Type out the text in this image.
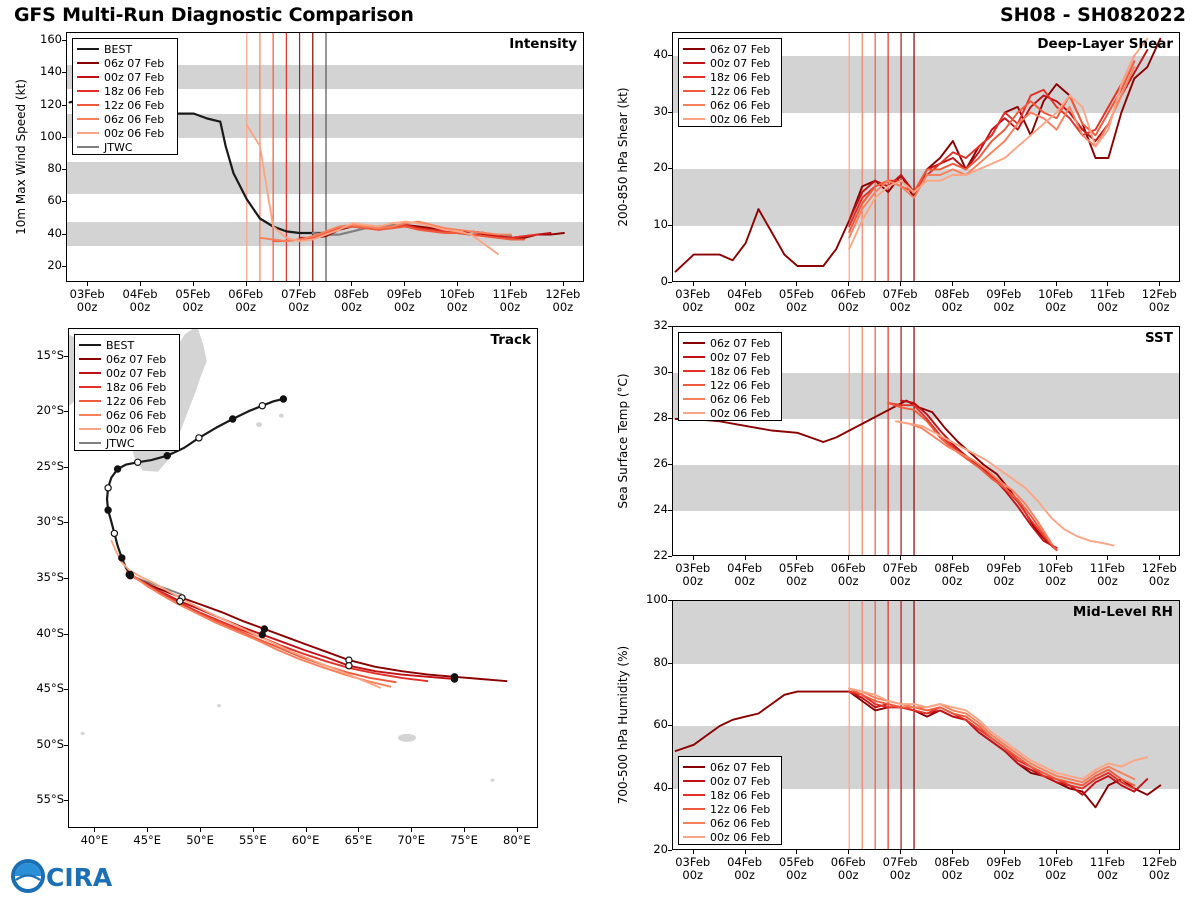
GFS Multi-Run Diagnostic Comparison	SH08 - SH082022
Intensity
BEST
06z 07 Feb
00z 07 Feb
18z 06 Feb
12z 06 Feb
06z 06 Feb
00z 06 Feb
JTWC
20
40
60
80
100
120
140
160
03Feb
00z
04Feb
00z
05Feb
00z
06Feb
00z
07Feb
00z
08Feb
00z
09Feb
00z
10Feb
00z
11Feb
00z
12Feb
00z
10m Max Wind Speed (kt)
Deep-Layer Shear
06z 07 Feb
00z 07 Feb
18z 06 Feb
12z 06 Feb
06z 06 Feb
00z 06 Feb
0
10
20
30
40
03Feb
00z
04Feb
00z
05Feb
00z
06Feb
00z
07Feb
00z
08Feb
00z
09Feb
00z
10Feb
00z
11Feb
00z
12Feb
00z
200-850 hPa Shear (kt)
SST
06z 07 Feb
00z 07 Feb
18z 06 Feb
12z 06 Feb
06z 06 Feb
00z 06 Feb
22
24
26
28
30
32
03Feb
00z
04Feb
00z
05Feb
00z
06Feb
00z
07Feb
00z
08Feb
00z
09Feb
00z
10Feb
00z
11Feb
00z
12Feb
00z
Sea Surface Temp (°C)
Mid-Level RH
06z 07 Feb
00z 07 Feb
18z 06 Feb
12z 06 Feb
06z 06 Feb
00z 06 Feb
20
40
60
80
100
03Feb
00z
04Feb
00z
05Feb
00z
06Feb
00z
07Feb
00z
08Feb
00z
09Feb
00z
10Feb
00z
11Feb
00z
12Feb
00z
700-500 hPa Humidity (%)
Track
BEST
06z 07 Feb
00z 07 Feb
18z 06 Feb
12z 06 Feb
06z 06 Feb
00z 06 Feb
JTWC
15°S
20°S
25°S
30°S
35°S
40°S
45°S
50°S
55°S
40°E	45°E	50°E	55°E	60°E	65°E	70°E	75°E	80°E
CIRA
